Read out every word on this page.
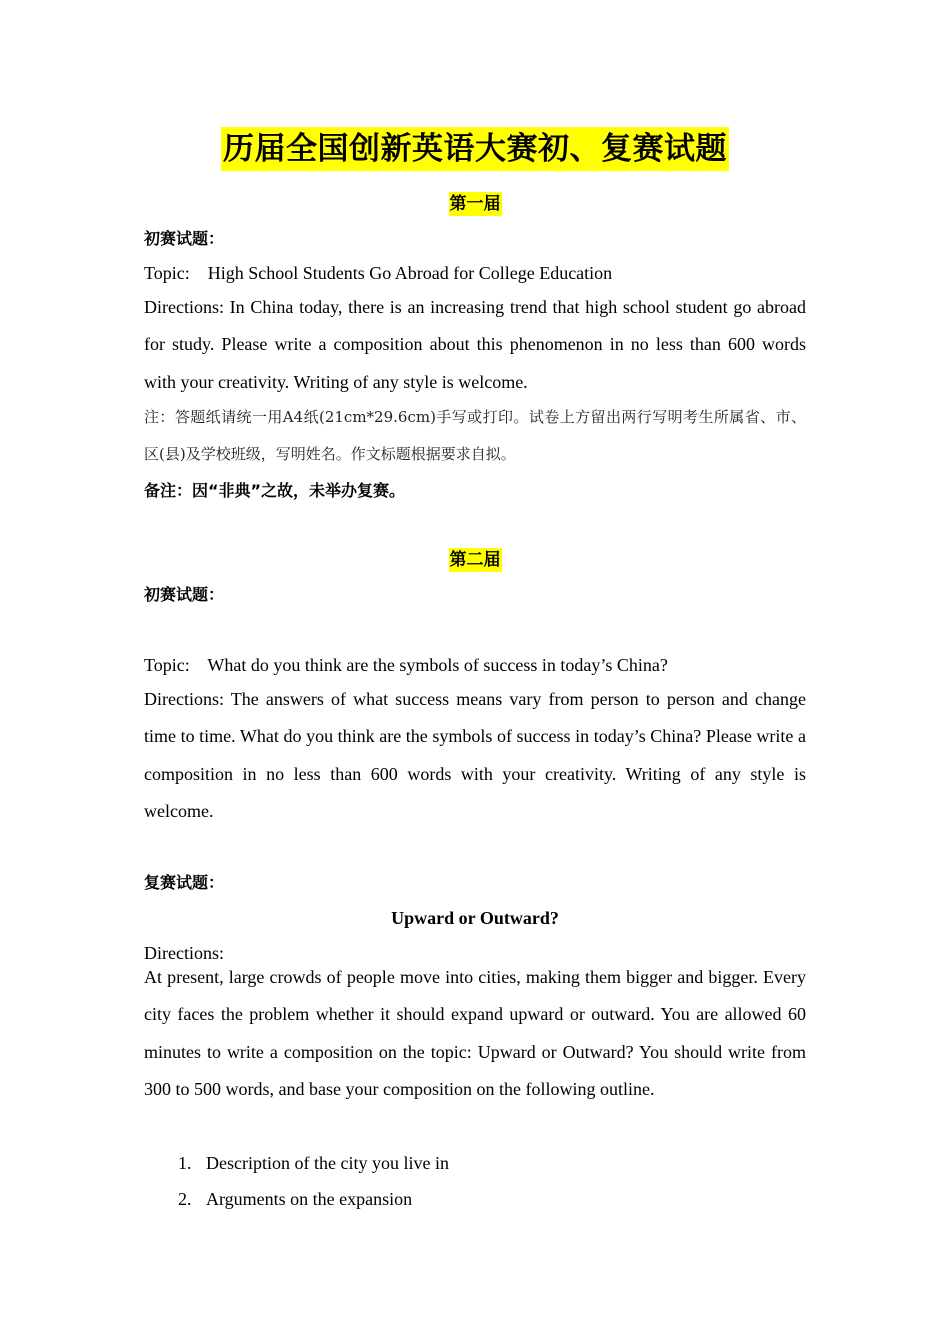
历届全国创新英语大赛初、复赛试题
第一届
初赛试题：
Topic:    High School Students Go Abroad for College Education
Directions: In China today, there is an increasing trend that high school student go abroad for study. Please write a composition about this phenomenon in no less than 600 words with your creativity. Writing of any style is welcome.
注：答题纸请统一用A4纸(21cm*29.6cm)手写或打印。试卷上方留出两行写明考生所属省、市、区(县)及学校班级，写明姓名。作文标题根据要求自拟。
备注：因“非典”之故，未举办复赛。
第二届
初赛试题：
Topic:    What do you think are the symbols of success in today’s China?
Directions: The answers of what success means vary from person to person and change time to time. What do you think are the symbols of success in today’s China? Please write a composition in no less than 600 words with your creativity. Writing of any style is welcome.
复赛试题：
Upward or Outward?
Directions:
At present, large crowds of people move into cities, making them bigger and bigger. Every city faces the problem whether it should expand upward or outward. You are allowed 60 minutes to write a composition on the topic: Upward or Outward? You should write from 300 to 500 words, and base your composition on the following outline.
1. Description of the city you live in
2. Arguments on the expansion
